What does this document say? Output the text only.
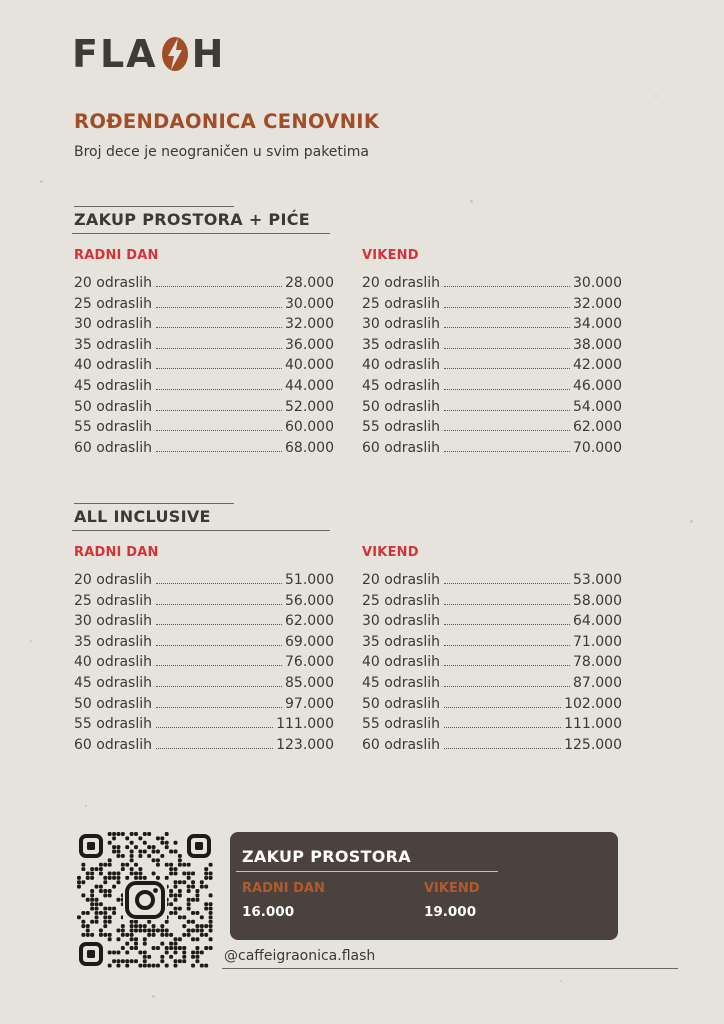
FLA H
ROĐENDAONICA CENOVNIK
Broj dece je neograničen u svim paketima
ZAKUP PROSTORA + PIĆE
RADNI DAN
20 odraslih	28.000
25 odraslih	30.000
30 odraslih	32.000
35 odraslih	36.000
40 odraslih	40.000
45 odraslih	44.000
50 odraslih	52.000
55 odraslih	60.000
60 odraslih	68.000
VIKEND
20 odraslih	30.000
25 odraslih	32.000
30 odraslih	34.000
35 odraslih	38.000
40 odraslih	42.000
45 odraslih	46.000
50 odraslih	54.000
55 odraslih	62.000
60 odraslih	70.000
ALL INCLUSIVE
RADNI DAN
20 odraslih	51.000
25 odraslih	56.000
30 odraslih	62.000
35 odraslih	69.000
40 odraslih	76.000
45 odraslih	85.000
50 odraslih	97.000
55 odraslih	111.000
60 odraslih	123.000
VIKEND
20 odraslih	53.000
25 odraslih	58.000
30 odraslih	64.000
35 odraslih	71.000
40 odraslih	78.000
45 odraslih	87.000
50 odraslih	102.000
55 odraslih	111.000
60 odraslih	125.000
ZAKUP PROSTORA
RADNI DAN	VIKEND
16.000	19.000
@caffeigraonica.flash
